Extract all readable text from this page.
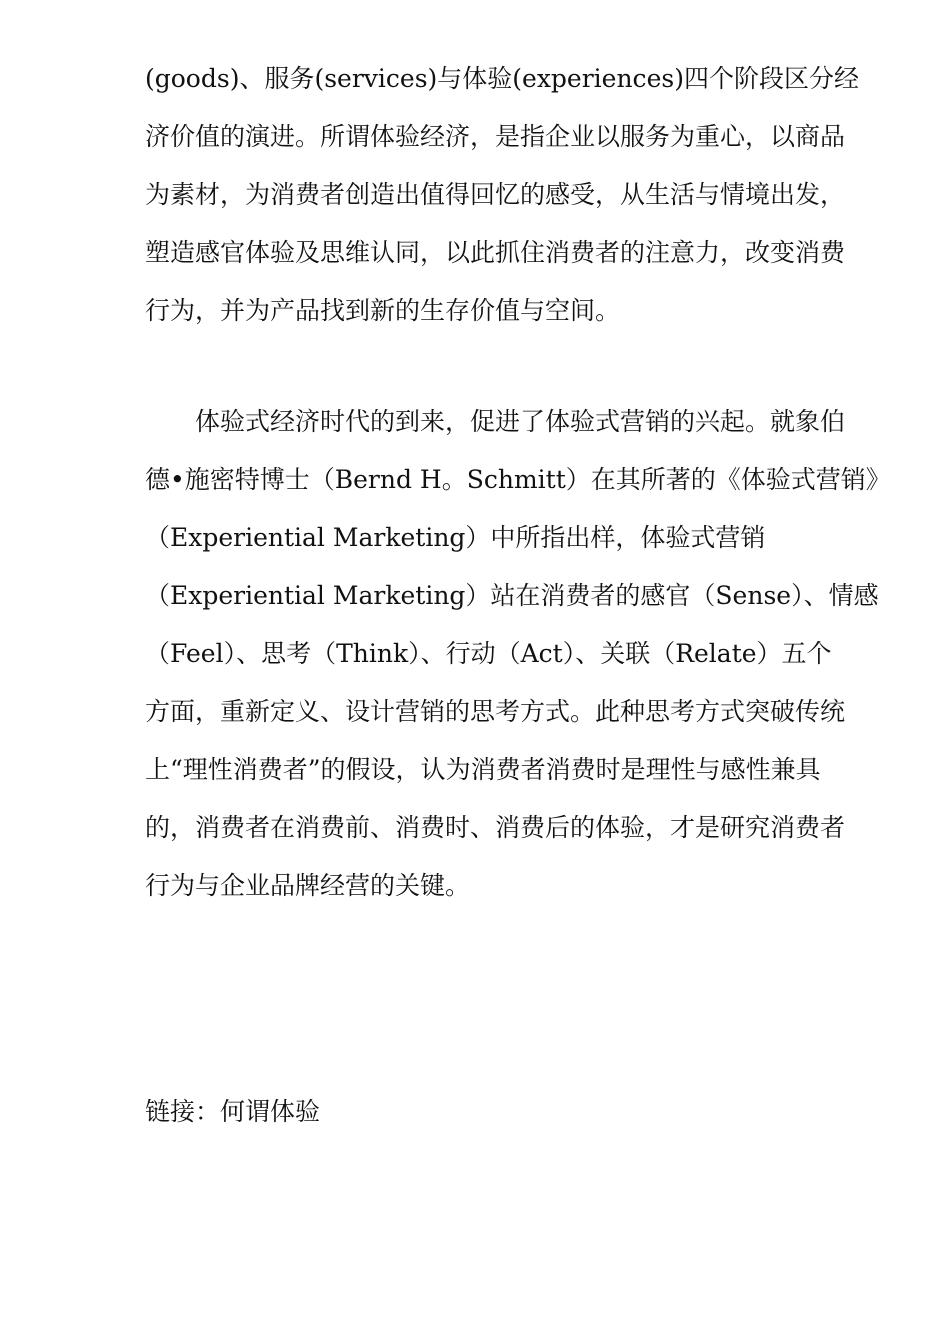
(goods)、服务(services)与体验(experiences)四个阶段区分经
济价值的演进。所谓体验经济，是指企业以服务为重心，以商品
为素材，为消费者创造出值得回忆的感受，从生活与情境出发，
塑造感官体验及思维认同，以此抓住消费者的注意力，改变消费
行为，并为产品找到新的生存价值与空间。
体验式经济时代的到来，促进了体验式营销的兴起。就象伯
德•施密特博士（Bernd H。Schmitt）在其所著的《体验式营销》
（Experiential Marketing）中所指出样，体验式营销
（Experiential Marketing）站在消费者的感官（Sense）、情感
（Feel）、思考（Think）、行动（Act）、关联（Relate）五个
方面，重新定义、设计营销的思考方式。此种思考方式突破传统
上“理性消费者”的假设，认为消费者消费时是理性与感性兼具
的，消费者在消费前、消费时、消费后的体验，才是研究消费者
行为与企业品牌经营的关键。
链接：何谓体验
